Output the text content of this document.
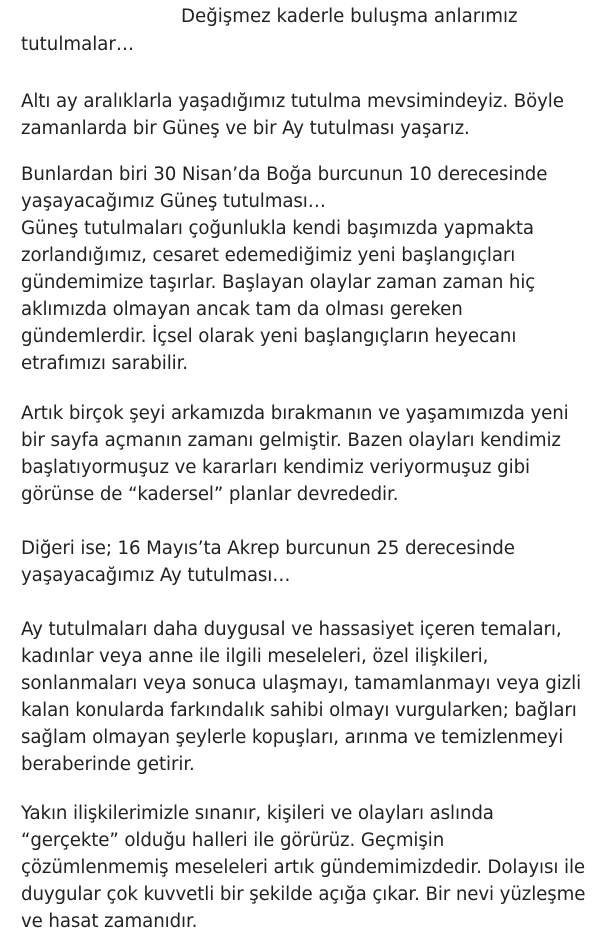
Değişmez kaderle buluşma anlarımız
tutulmalar…
Altı ay aralıklarla yaşadığımız tutulma mevsimindeyiz. Böyle
zamanlarda bir Güneş ve bir Ay tutulması yaşarız.
Bunlardan biri 30 Nisan’da Boğa burcunun 10 derecesinde
yaşayacağımız Güneş tutulması…
Güneş tutulmaları çoğunlukla kendi başımızda yapmakta
zorlandığımız, cesaret edemediğimiz yeni başlangıçları
gündemimize taşırlar. Başlayan olaylar zaman zaman hiç
aklımızda olmayan ancak tam da olması gereken
gündemlerdir. İçsel olarak yeni başlangıçların heyecanı
etrafımızı sarabilir.
Artık birçok şeyi arkamızda bırakmanın ve yaşamımızda yeni
bir sayfa açmanın zamanı gelmiştir. Bazen olayları kendimiz
başlatıyormuşuz ve kararları kendimiz veriyormuşuz gibi
görünse de “kadersel” planlar devrededir.
Diğeri ise; 16 Mayıs’ta Akrep burcunun 25 derecesinde
yaşayacağımız Ay tutulması…
Ay tutulmaları daha duygusal ve hassasiyet içeren temaları,
kadınlar veya anne ile ilgili meseleleri, özel ilişkileri,
sonlanmaları veya sonuca ulaşmayı, tamamlanmayı veya gizli
kalan konularda farkındalık sahibi olmayı vurgularken; bağları
sağlam olmayan şeylerle kopuşları, arınma ve temizlenmeyi
beraberinde getirir.
Yakın ilişkilerimizle sınanır, kişileri ve olayları aslında
“gerçekte” olduğu halleri ile görürüz. Geçmişin
çözümlenmemiş meseleleri artık gündemimizdedir. Dolayısı ile
duygular çok kuvvetli bir şekilde açığa çıkar. Bir nevi yüzleşme
ve hasat zamanıdır.
